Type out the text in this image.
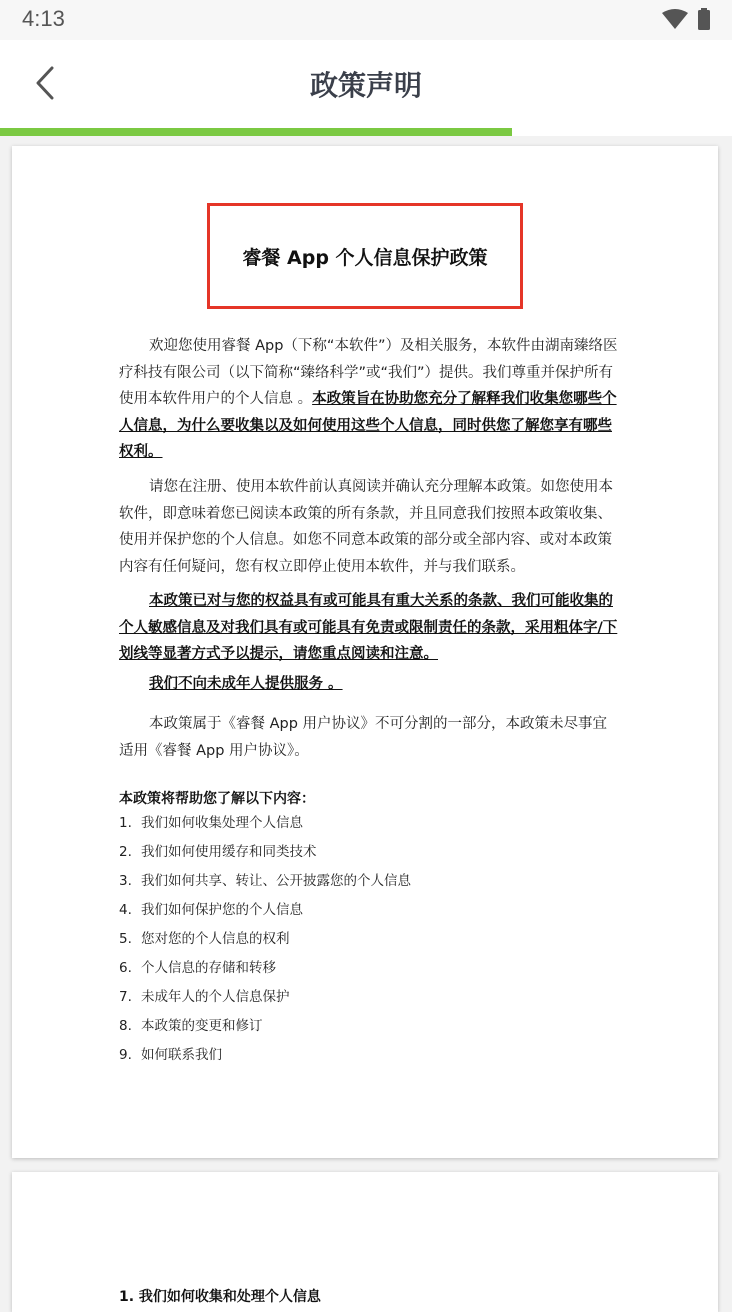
4:13
政策声明
睿餐 App 个人信息保护政策
欢迎您使用睿餐 App（下称“本软件”）及相关服务，本软件由湖南臻络医疗科技有限公司（以下简称“臻络科学”或“我们”）提供。我们尊重并保护所有使用本软件用户的个人信息 。本政策旨在协助您充分了解释我们收集您哪些个人信息，为什么要收集以及如何使用这些个人信息，同时供您了解您享有哪些权利。
请您在注册、使用本软件前认真阅读并确认充分理解本政策。如您使用本软件，即意味着您已阅读本政策的所有条款，并且同意我们按照本政策收集、使用并保护您的个人信息。如您不同意本政策的部分或全部内容、或对本政策内容有任何疑问，您有权立即停止使用本软件，并与我们联系。
本政策已对与您的权益具有或可能具有重大关系的条款、我们可能收集的个人敏感信息及对我们具有或可能具有免责或限制责任的条款，采用粗体字/下划线等显著方式予以提示，请您重点阅读和注意。
我们不向未成年人提供服务 。
本政策属于《睿餐 App 用户协议》不可分割的一部分，本政策未尽事宜适用《睿餐 App 用户协议》。
本政策将帮助您了解以下内容：
1. 我们如何收集处理个人信息
2. 我们如何使用缓存和同类技术
3. 我们如何共享、转让、公开披露您的个人信息
4. 我们如何保护您的个人信息
5. 您对您的个人信息的权利
6. 个人信息的存储和转移
7. 未成年人的个人信息保护
8. 本政策的变更和修订
9. 如何联系我们
1. 我们如何收集和处理个人信息
